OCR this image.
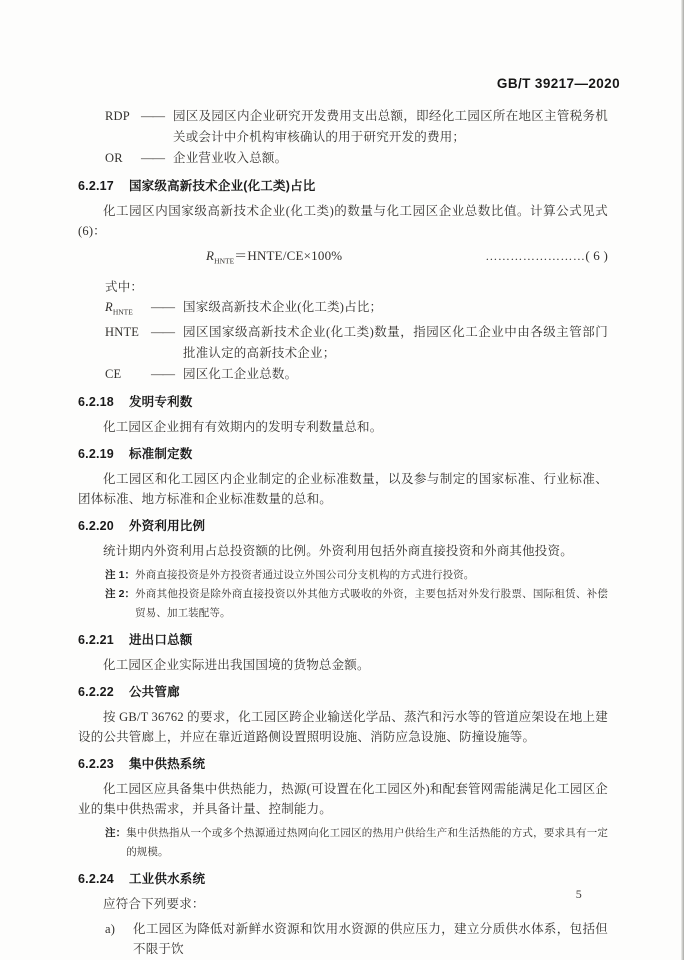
GB/T 39217—2020
RDP —— 园区及园区内企业研究开发费用支出总额，即经化工园区所在地区主管税务机关或会计中介机构审核确认的用于研究开发的费用；
OR	—— 企业营业收入总额。
6.2.17 国家级高新技术企业(化工类)占比

化工园区内国家级高新技术企业(化工类)的数量与化工园区企业总数比值。计算公式见式(6)：

$R_{HNTE}=HNTE/CE\times 100\%$	……………………( 6 )

式中：

$R_{HNTE}$	—— 国家级高新技术企业(化工类)占比；
HNTE —— 园区国家级高新技术企业(化工类)数量，指园区化工企业中由各级主管部门批准认定的高新技术企业；
CE	—— 园区化工企业总数。
6.2.18 发明专利数

化工园区企业拥有有效期内的发明专利数量总和。

6.2.19 标准制定数

化工园区和化工园区内企业制定的企业标准数量，以及参与制定的国家标准、行业标准、团体标准、地方标准和企业标准数量的总和。

6.2.20 外资利用比例

统计期内外资利用占总投资额的比例。外资利用包括外商直接投资和外商其他投资。

注 1： 外商直接投资是外方投资者通过设立外国公司分支机构的方式进行投资。
注 2： 外商其他投资是除外商直接投资以外其他方式吸收的外资，主要包括对外发行股票、国际租赁、补偿贸易、加工装配等。
6.2.21 进出口总额

化工园区企业实际进出我国国境的货物总金额。

6.2.22 公共管廊

按 GB/T 36762 的要求，化工园区跨企业输送化学品、蒸汽和污水等的管道应架设在地上建设的公共管廊上，并应在靠近道路侧设置照明设施、消防应急设施、防撞设施等。

6.2.23 集中供热系统

化工园区应具备集中供热能力，热源(可设置在化工园区外)和配套管网需能满足化工园区企业的集中供热需求，并具备计量、控制能力。

注： 集中供热指从一个或多个热源通过热网向化工园区的热用户供给生产和生活热能的方式，要求具有一定的规模。
6.2.24 工业供水系统

应符合下列要求：

a)	化工园区为降低对新鲜水资源和饮用水资源的供应压力，建立分质供水体系，包括但不限于饮
5
